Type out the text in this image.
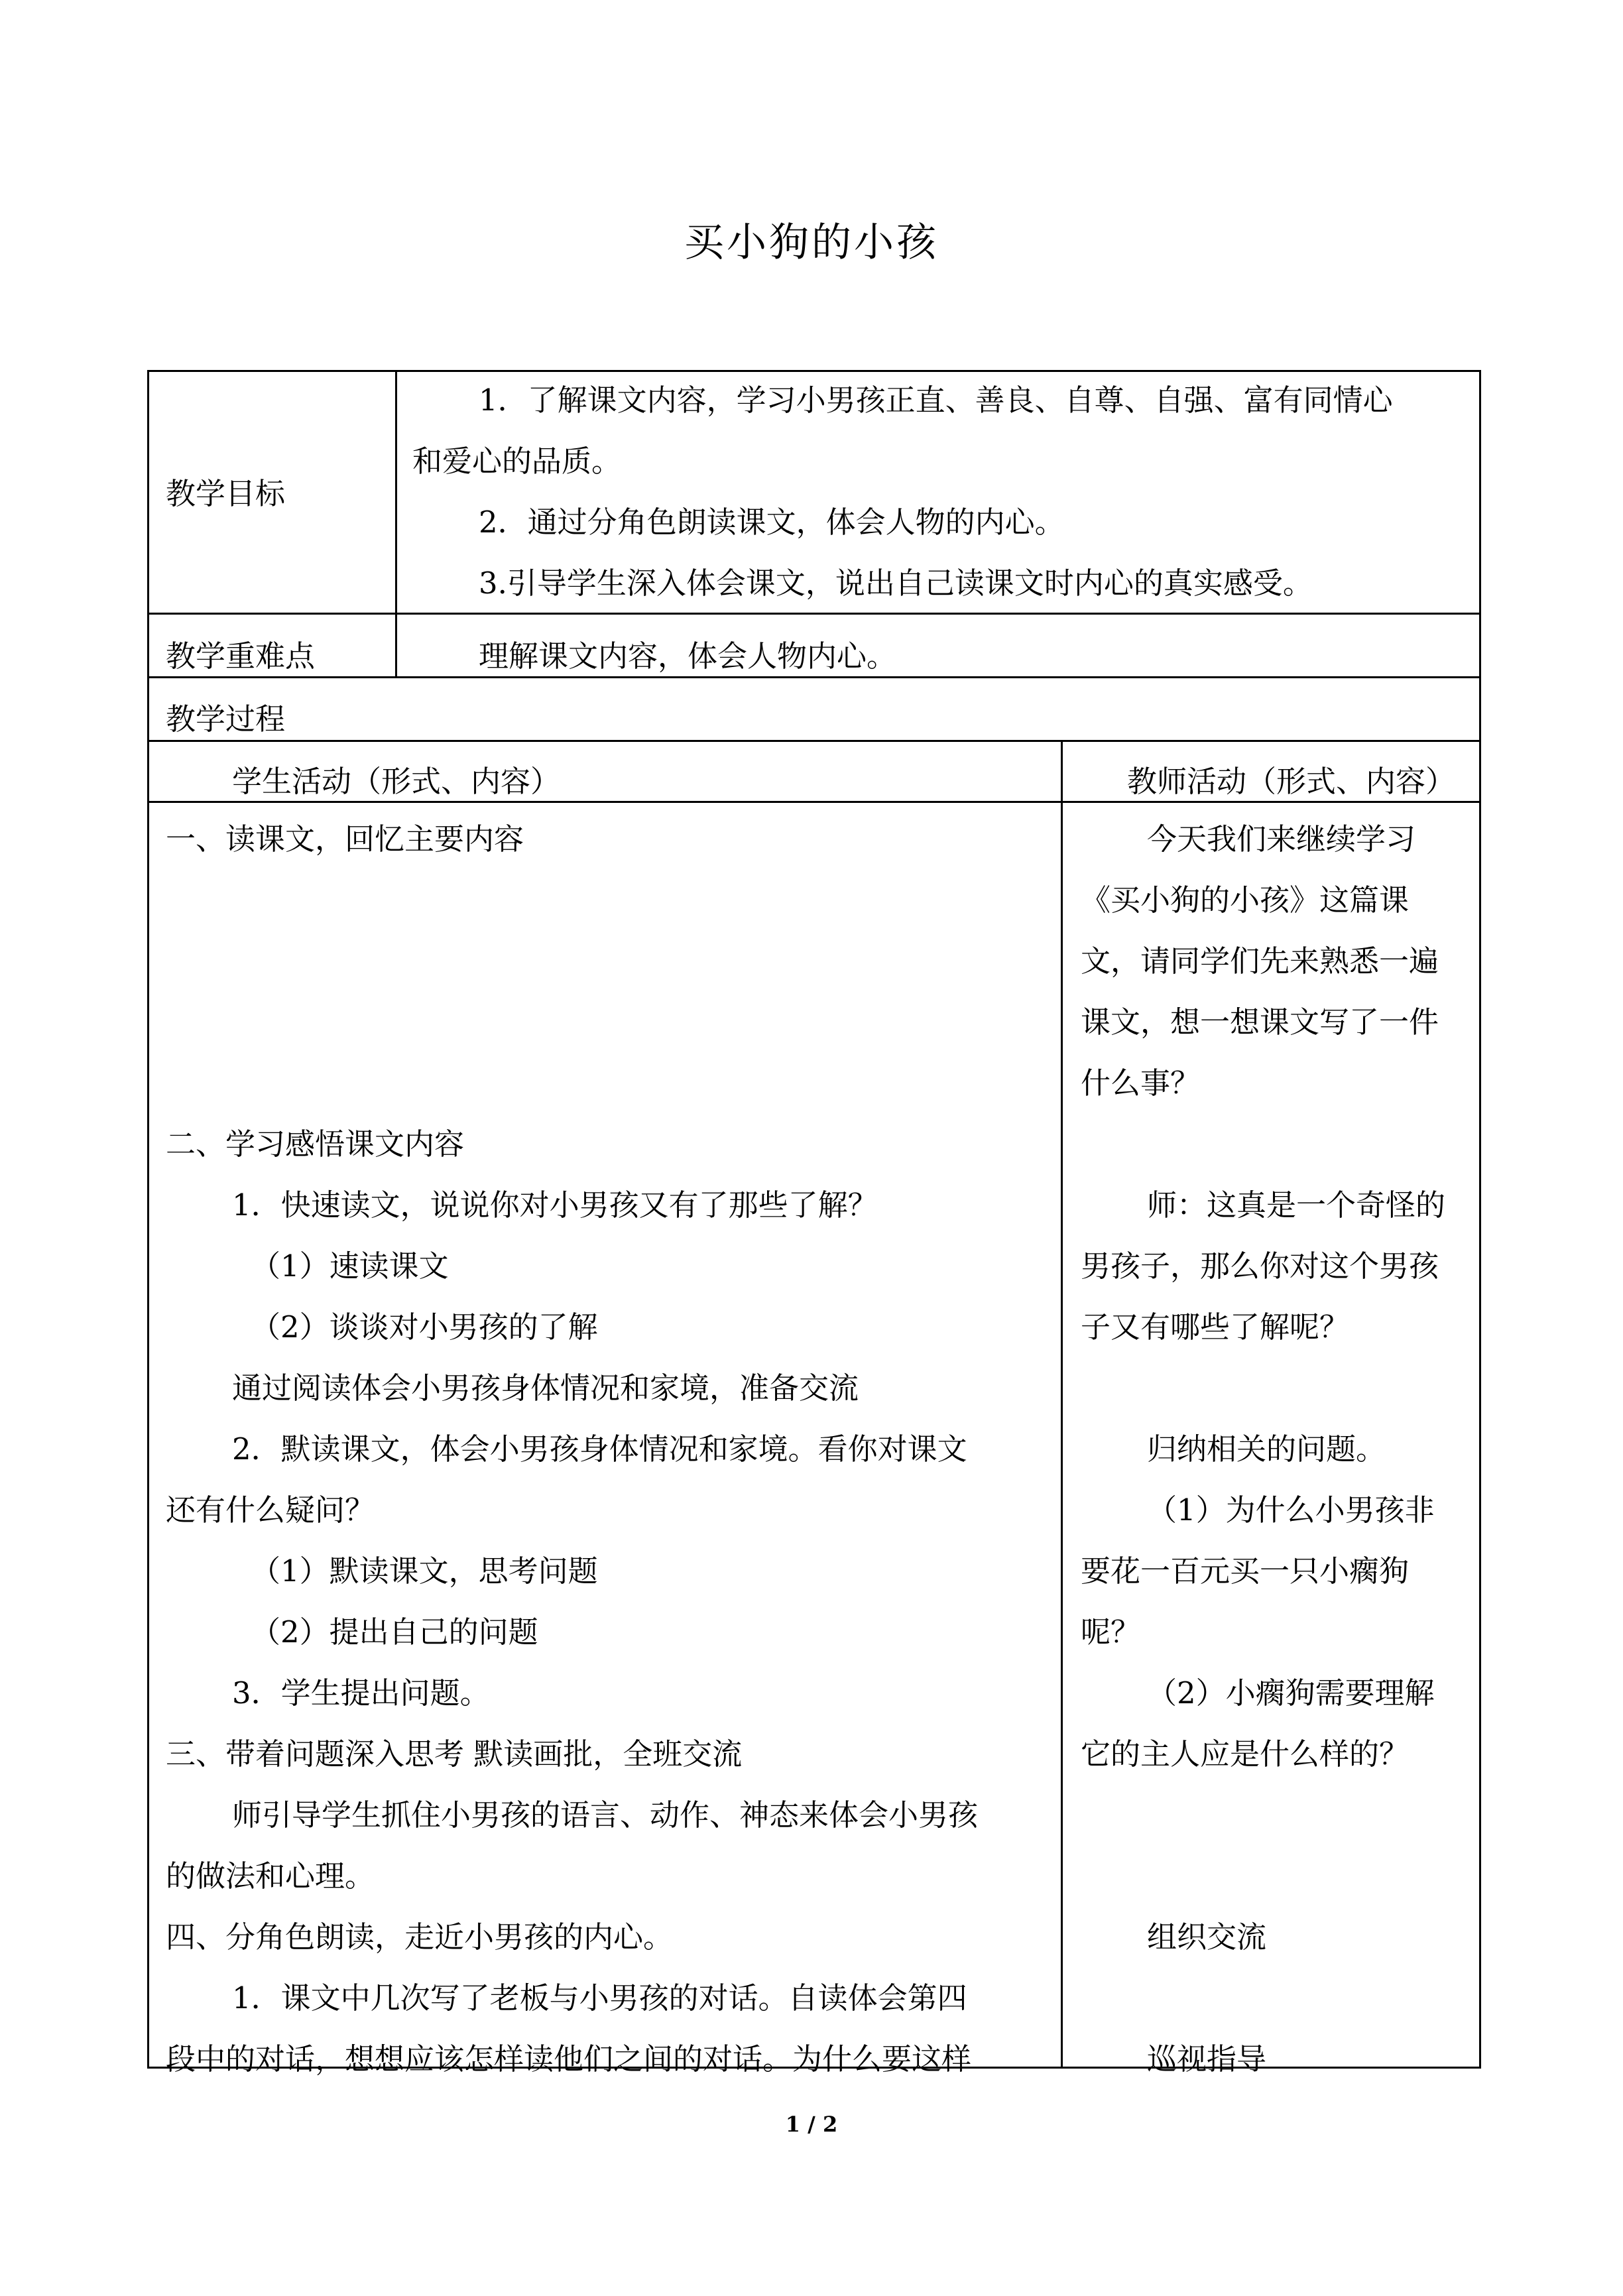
买小狗的小孩
教学目标

1．了解课文内容，学习小男孩正直、善良、自尊、自强、富有同情心

和爱心的品质。

2．通过分角色朗读课文，体会人物的内心。

3.引导学生深入体会课文，说出自己读课文时内心的真实感受。

教学重难点	理解课文内容，体会人物内心。
教学过程
学生活动（形式、内容）	教师活动（形式、内容）

一、读课文，回忆主要内容

二、学习感悟课文内容

1．快速读文，说说你对小男孩又有了那些了解？

（1）速读课文

（2）谈谈对小男孩的了解

通过阅读体会小男孩身体情况和家境，准备交流

2．默读课文，体会小男孩身体情况和家境。看你对课文

还有什么疑问？

（1）默读课文，思考问题

（2）提出自己的问题

3．学生提出问题。

三、带着问题深入思考 默读画批，全班交流

师引导学生抓住小男孩的语言、动作、神态来体会小男孩

的做法和心理。

四、分角色朗读，走近小男孩的内心。

1．课文中几次写了老板与小男孩的对话。自读体会第四

段中的对话，想想应该怎样读他们之间的对话。为什么要这样

今天我们来继续学习

《买小狗的小孩》这篇课

文，请同学们先来熟悉一遍

课文，想一想课文写了一件

什么事？

师：这真是一个奇怪的

男孩子，那么你对这个男孩

子又有哪些了解呢？

归纳相关的问题。

（1）为什么小男孩非

要花一百元买一只小瘸狗

呢？

（2）小瘸狗需要理解

它的主人应是什么样的？

组织交流

巡视指导

1 / 2
